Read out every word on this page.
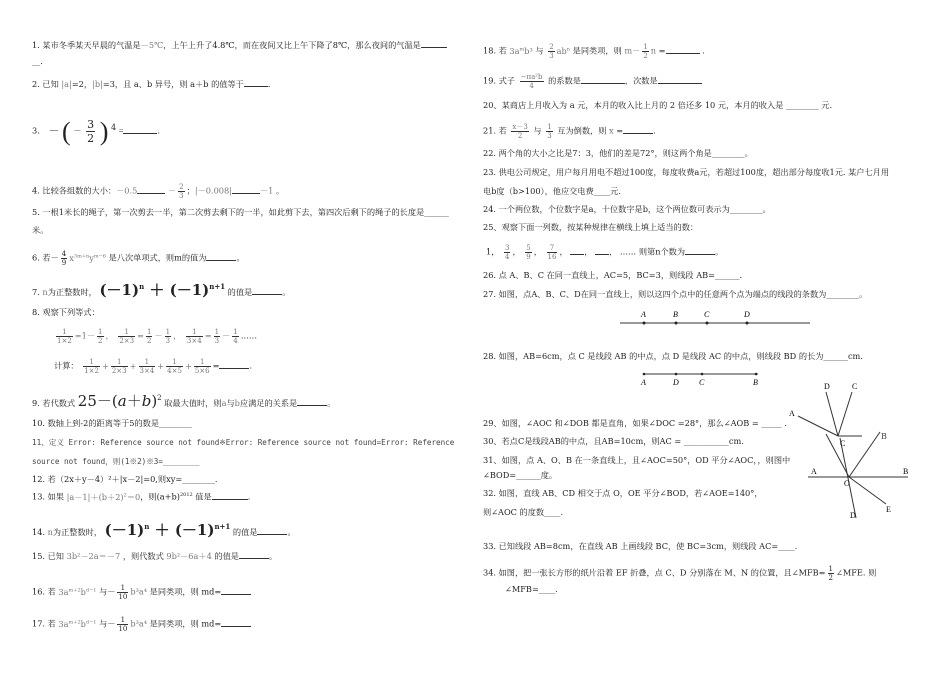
1. 某市冬季某天早晨的气温是－5℃，上午上升了4.8℃，而在夜间又比上午下降了8℃，那么夜间的气温是
__.
2. 已知 |a|=2，|b|=3，且 a、b 异号，则 a＋b 的值等于	.
3. － ( － $\frac{3}{2}$ ) $^4$ =	.
4. 比较各组数的大小：－0.5	－ $\frac{2}{3}$ ；|－0.008|	－1 。
5. 一根1米长的绳子，第一次剪去一半，第二次剪去剩下的一半，如此剪下去，第四次后剩下的绳子的长度是______
米。
6. 若－ $\frac{4}{9} x^{3m+n}y^{m-6}$ 是八次单项式，则m的值为	。
7. n为正整数时， $(-1)^n + (-1)^{n+1}$ 的值是	。
8. 观察下列等式：
$\frac{1}{1\times 2} =1- \frac{1}{2}$ ， $\frac{1}{2\times 3} = \frac{1}{2} - \frac{1}{3}$ ， $\frac{1}{3\times 4} = \frac{1}{3} - \frac{1}{4}$ ……
计算： $\frac{1}{1\times 2} + \frac{1}{2\times 3} + \frac{1}{3\times 4} + \frac{1}{4\times 5} + \frac{1}{5\times 6}$ =	.
9. 若代数式 $25-(a+b)^2$ 取最大值时，则a与b应满足的关系是	。
10. 数轴上到-2的距离等于5的数是________
11、定义 Error: Reference source not found※Error: Reference source not found=Error: Reference
source not found，则(1※2)※3=________
12. 若（2x＋y－4）²＋|x－2|=0,则xy=________.
13. 如果 $|a-1|+(b+2)^2=0$，则$(a+b)^{2012}$ 值是	.
14. n为正整数时， $(-1)^n + (-1)^{n+1}$ 的值是	。
15. 已知 3b²－2a＝－7 ，则代数式 9b²－6a＋4 的值是	。
16. 若 $3a^{m+2}b^{d-1}$ 与－ $\frac{1}{10} b^3a^4$ 是同类项，则 md=
17. 若 $3a^{m+2}b^{d-1}$ 与－ $\frac{1}{10} b^3a^4$ 是同类项，则 md=
18. 若 $3a^mb^3$ 与 $\frac{2}{3} ab^n$ 是同类项，则 $m- \frac{1}{2}$ n =	.
19. 式子 $\frac{\text{−πa²b}}{4}$ 的系数是	，次数是
20、某商店上月收入为 a 元，本月的收入比上月的 2 倍还多 10 元，本月的收入是 ________ 元.
21. 若 $\frac{x-3}{2}$ 与 $\frac{1}{3}$ 互为倒数，则 x =	.
22. 两个角的大小之比是7：3，他们的差是72°，则这两个角是________。
23. 供电公司规定，用户每月用电不超过100度，每度收费a元，若超过100度，超出部分每度收1元. 某户七月用
电b度（b>100），他应交电费____元.
24. 一个两位数，个位数字是a，十位数字是b，这个两位数可表示为________。
25、观察下面一列数，按某种规律在横线上填上适当的数：
1， $\frac{3}{4}$ ， $\frac{5}{9}$ ， $\frac{7}{16}$ ， ， ， …… 则第n个数为	。
26. 点 A、B、C 在同一直线上，AC=5，BC=3，则线段 AB=______.
27. 如图，点A、B、C、D在同一直线上，则以这四个点中的任意两个点为端点的线段的条数为________。
A	B	C	D
28. 如图，AB=6cm，点 C 是线段 AB 的中点，点 D 是线段 AC 的中点，则线段 BD 的长为______cm.
A	D	C	B	D	C
A
29、如图，∠AOC 和∠DOB 都是直角，如果∠DOC =28°，那么∠AOB = _____ .
30、若点C是线段AB的中点，且AB=10cm，则AC = ___________cm.
31、如图，点 A、O、B 在一条直线上，且∠AOC=50°，OD 平分∠AOC，，则图中
∠BOD=______度。
32. 如图，直线 AB、CD 相交于点 O，OE 平分∠BOD，若∠AOE=140°，
则∠AOC 的度数____.
C
A
O
B
D
E
B
33. 已知线段 AB=8cm，在直线 AB 上画线段 BC，使 BC=3cm，则线段 AC=____.
34. 如图，把一张长方形的纸片沿着 EF 折叠，点 C、D 分别落在 M、N 的位置，且∠MFB= $\frac{1}{2}$ ∠MFE. 则
∠MFB=____.
